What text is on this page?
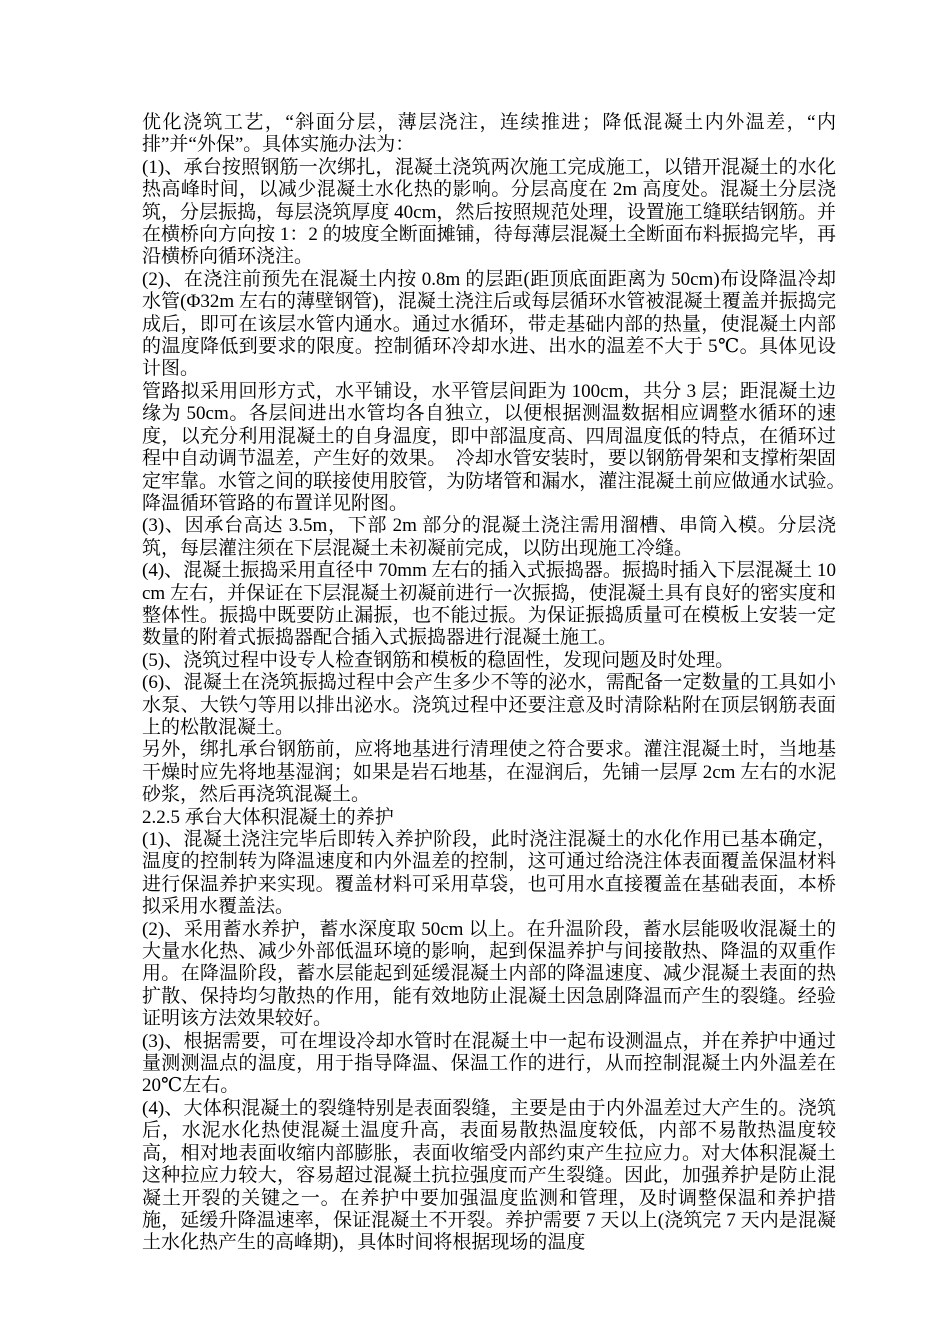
优化浇筑工艺，“斜面分层，薄层浇注，连续推进；降低混凝土内外温差，“内排”并“外保”。具体实施办法为：

(1)、承台按照钢筋一次绑扎，混凝土浇筑两次施工完成施工，以错开混凝土的水化热高峰时间，以减少混凝土水化热的影响。分层高度在 2m 高度处。混凝土分层浇筑，分层振捣，每层浇筑厚度 40cm，然后按照规范处理，设置施工缝联结钢筋。并在横桥向方向按 1：2 的坡度全断面摊铺，待每薄层混凝土全断面布料振捣完毕，再沿横桥向循环浇注。

(2)、在浇注前预先在混凝土内按 0.8m 的层距(距顶底面距离为 50cm)布设降温冷却水管(Φ32m 左右的薄壁钢管)，混凝土浇注后或每层循环水管被混凝土覆盖并振捣完成后，即可在该层水管内通水。通过水循环，带走基础内部的热量，使混凝土内部的温度降低到要求的限度。控制循环冷却水进、出水的温差不大于 5℃。具体见设计图。

管路拟采用回形方式，水平铺设，水平管层间距为 100cm，共分 3 层；距混凝土边缘为 50cm。各层间进出水管均各自独立，以便根据测温数据相应调整水循环的速度，以充分利用混凝土的自身温度，即中部温度高、四周温度低的特点，在循环过程中自动调节温差，产生好的效果。　冷却水管安装时，要以钢筋骨架和支撑桁架固定牢靠。水管之间的联接使用胶管，为防堵管和漏水，灌注混凝土前应做通水试验。　降温循环管路的布置详见附图。

(3)、因承台高达 3.5m，下部 2m 部分的混凝土浇注需用溜槽、串筒入模。分层浇筑，每层灌注须在下层混凝土未初凝前完成，以防出现施工冷缝。

(4)、混凝土振捣采用直径中 70mm 左右的插入式振捣器。振捣时插入下层混凝土 10cm 左右，并保证在下层混凝土初凝前进行一次振捣，使混凝土具有良好的密实度和整体性。振捣中既要防止漏振，也不能过振。为保证振捣质量可在模板上安装一定数量的附着式振捣器配合插入式振捣器进行混凝土施工。

(5)、浇筑过程中设专人检查钢筋和模板的稳固性，发现问题及时处理。

(6)、混凝土在浇筑振捣过程中会产生多少不等的泌水，需配备一定数量的工具如小水泵、大铁勺等用以排出泌水。浇筑过程中还要注意及时清除粘附在顶层钢筋表面上的松散混凝土。

另外，绑扎承台钢筋前，应将地基进行清理使之符合要求。灌注混凝土时，当地基干燥时应先将地基湿润；如果是岩石地基，在湿润后，先铺一层厚 2cm 左右的水泥砂浆，然后再浇筑混凝土。

2.2.5 承台大体积混凝土的养护

(1)、混凝土浇注完毕后即转入养护阶段，此时浇注混凝土的水化作用已基本确定，温度的控制转为降温速度和内外温差的控制，这可通过给浇注体表面覆盖保温材料进行保温养护来实现。覆盖材料可采用草袋，也可用水直接覆盖在基础表面，本桥拟采用水覆盖法。

(2)、采用蓄水养护，蓄水深度取 50cm 以上。在升温阶段，蓄水层能吸收混凝土的大量水化热、减少外部低温环境的影响，起到保温养护与间接散热、降温的双重作用。在降温阶段，蓄水层能起到延缓混凝土内部的降温速度、减少混凝土表面的热扩散、保持均匀散热的作用，能有效地防止混凝土因急剧降温而产生的裂缝。经验证明该方法效果较好。

(3)、根据需要，可在埋设冷却水管时在混凝土中一起布设测温点，并在养护中通过量测测温点的温度，用于指导降温、保温工作的进行，从而控制混凝土内外温差在 20℃左右。

(4)、大体积混凝土的裂缝特别是表面裂缝，主要是由于内外温差过大产生的。浇筑后，水泥水化热使混凝土温度升高，表面易散热温度较低，内部不易散热温度较高，相对地表面收缩内部膨胀，表面收缩受内部约束产生拉应力。对大体积混凝土这种拉应力较大，容易超过混凝土抗拉强度而产生裂缝。因此，加强养护是防止混凝土开裂的关键之一。在养护中要加强温度监测和管理，及时调整保温和养护措施，延缓升降温速率，保证混凝土不开裂。养护需要 7 天以上(浇筑完 7 天内是混凝土水化热产生的高峰期)，具体时间将根据现场的温度
